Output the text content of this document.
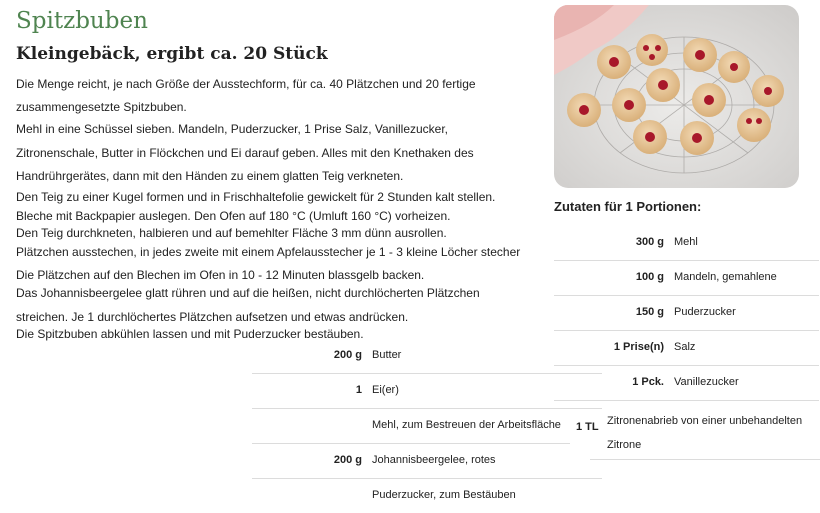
Spitzbuben
Kleingebäck, ergibt ca. 20 Stück
Die Menge reicht, je nach Größe der Ausstechform, für ca. 40 Plätzchen und 20 fertige
zusammengesetzte Spitzbuben.
Mehl in eine Schüssel sieben. Mandeln, Puderzucker, 1 Prise Salz, Vanillezucker,
Zitronenschale, Butter in Flöckchen und Ei darauf geben. Alles mit den Knethaken des
Handrührgerätes, dann mit den Händen zu einem glatten Teig verkneten.
Den Teig zu einer Kugel formen und in Frischhaltefolie gewickelt für 2 Stunden kalt stellen.
Bleche mit Backpapier auslegen. Den Ofen auf 180 °C (Umluft 160 °C) vorheizen.
Den Teig durchkneten, halbieren und auf bemehlter Fläche 3 mm dünn ausrollen.
Plätzchen ausstechen, in jedes zweite mit einem Apfelausstecher je 1 - 3 kleine Löcher stecher
Die Plätzchen auf den Blechen im Ofen in 10 - 12 Minuten blassgelb backen.
Das Johannisbeergelee glatt rühren und auf die heißen, nicht durchlöcherten Plätzchen
streichen. Je 1 durchlöchertes Plätzchen aufsetzen und etwas andrücken.
Die Spitzbuben abkühlen lassen und mit Puderzucker bestäuben.
Zutaten für 1 Portionen:
300 g Mehl
100 g Mandeln, gemahlene
150 g Puderzucker
1 Prise(n) Salz
1 Pck. Vanillezucker
1 TL Zitronenabrieb von einer unbehandelten Zitrone
200 g Butter
1 Ei(er)
Mehl, zum Bestreuen der Arbeitsfläche
200 g Johannisbeergelee, rotes
Puderzucker, zum Bestäuben
